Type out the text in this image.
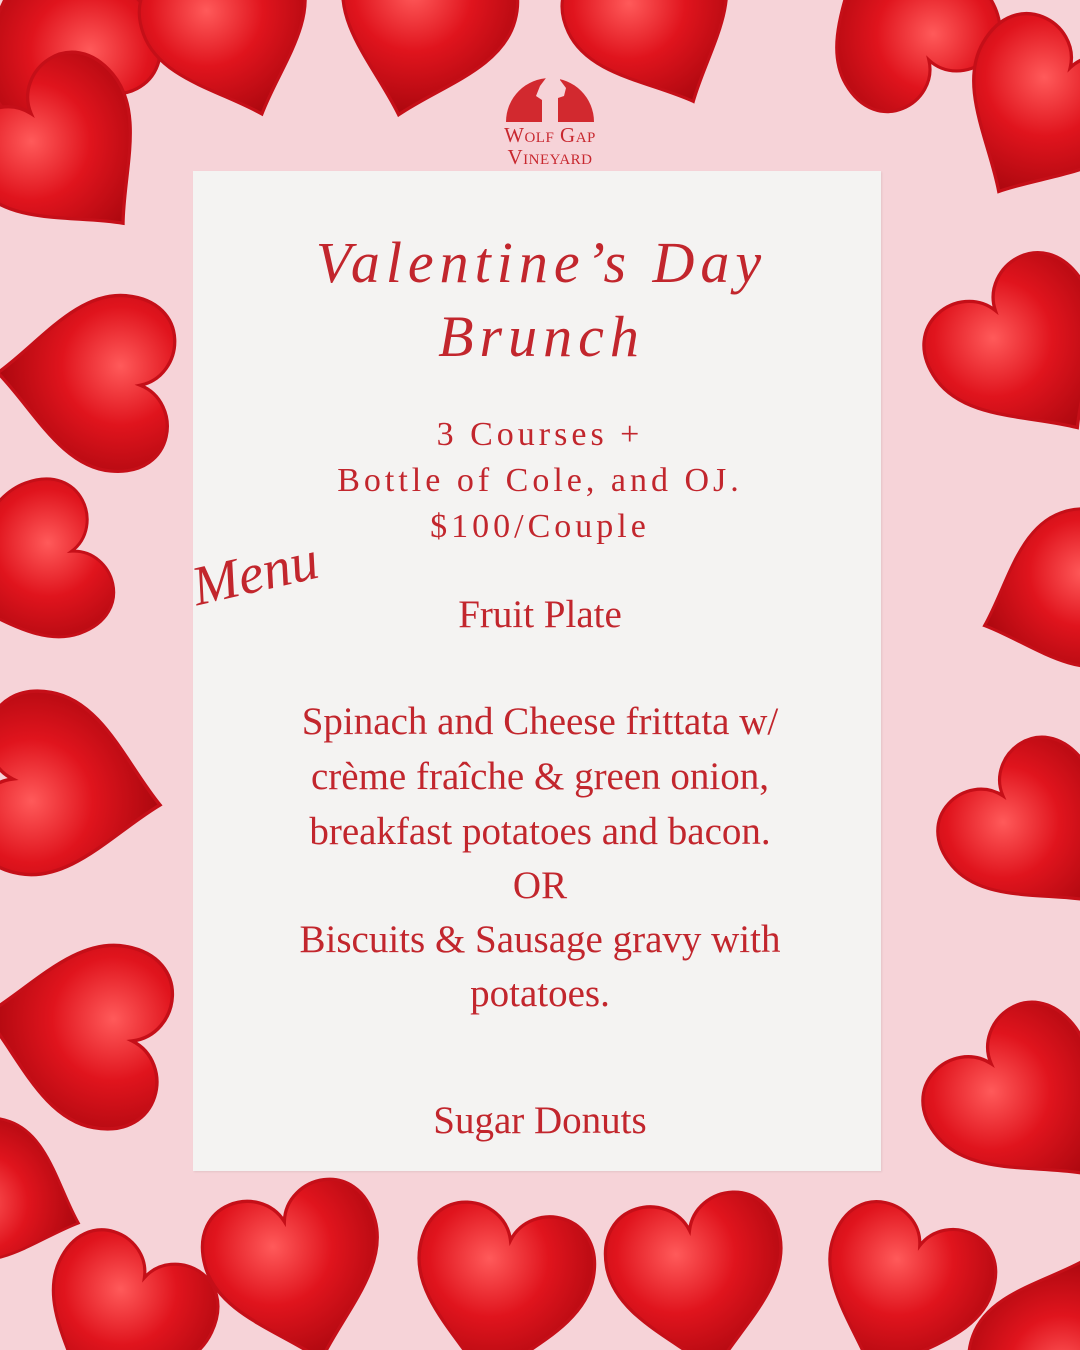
Wolf Gap
Vineyard
Valentine’s Day
Brunch
3 Courses +
Bottle of Cole, and OJ.
$100/Couple
Menu	Fruit Plate
Spinach and Cheese frittata w/
crème fraîche & green onion,
breakfast potatoes and bacon.
OR
Biscuits & Sausage gravy with
potatoes.
Sugar Donuts
